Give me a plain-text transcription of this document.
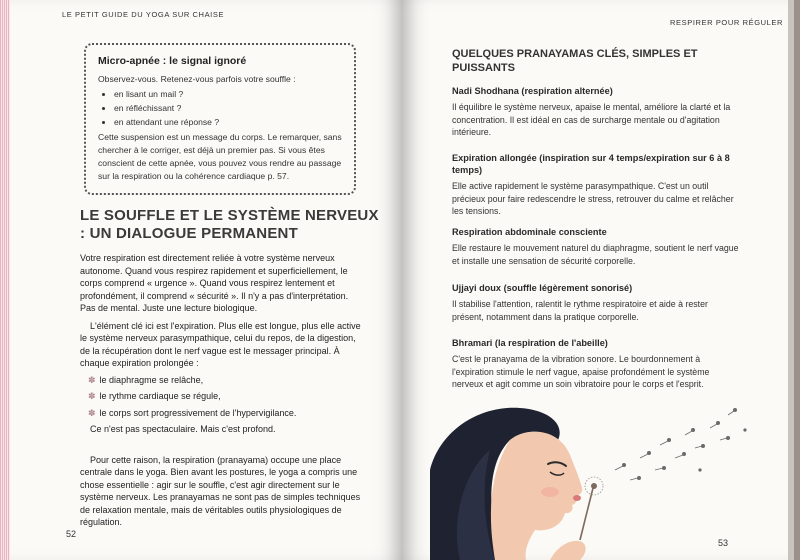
LE PETIT GUIDE DU YOGA SUR CHAISE
Micro-apnée : le signal ignoré

Observez-vous. Retenez-vous parfois votre souffle :

• en lisant un mail ?
• en réfléchissant ?
• en attendant une réponse ?

Cette suspension est un message du corps. Le remarquer, sans chercher à le corriger, est déjà un premier pas. Si vous êtes conscient de cette apnée, vous pouvez vous rendre au passage sur la respiration ou la cohérence cardiaque p. 57.

LE SOUFFLE ET LE SYSTÈME NERVEUX : UN DIALOGUE PERMANENT

Votre respiration est directement reliée à votre système nerveux autonome. Quand vous respirez rapidement et superficiellement, le corps comprend « urgence ». Quand vous respirez lentement et profondément, il comprend « sécurité ». Il n'y a pas d'interprétation. Pas de mental. Juste une lecture biologique.

L'élément clé ici est l'expiration. Plus elle est longue, plus elle active le système nerveux parasympathique, celui du repos, de la digestion, de la récupération dont le nerf vague est le messager principal. À chaque expiration prolongée :

✽ le diaphragme se relâche,
✽ le rythme cardiaque se régule,
✽ le corps sort progressivement de l'hypervigilance.

Ce n'est pas spectaculaire. Mais c'est profond.

Pour cette raison, la respiration (pranayama) occupe une place centrale dans le yoga. Bien avant les postures, le yoga a compris une chose essentielle : agir sur le souffle, c'est agir directement sur le système nerveux. Les pranayamas ne sont pas de simples techniques de relaxation mentale, mais de véritables outils physiologiques de régulation.

52
RESPIRER POUR RÉGULER
QUELQUES PRANAYAMAS CLÉS, SIMPLES ET PUISSANTS
Nadi Shodhana (respiration alternée)

Il équilibre le système nerveux, apaise le mental, améliore la clarté et la concentration. Il est idéal en cas de surcharge mentale ou d'agitation intérieure.

Expiration allongée (inspiration sur 4 temps/expiration sur 6 à 8 temps)

Elle active rapidement le système parasympathique. C'est un outil précieux pour faire redescendre le stress, retrouver du calme et relâcher les tensions.

Respiration abdominale consciente

Elle restaure le mouvement naturel du diaphragme, soutient le nerf vague et installe une sensation de sécurité corporelle.

Ujjayi doux (souffle légèrement sonorisé)

Il stabilise l'attention, ralentit le rythme respiratoire et aide à rester présent, notamment dans la pratique corporelle.

Bhramari (la respiration de l'abeille)

C'est le pranayama de la vibration sonore. Le bourdonnement à l'expiration stimule le nerf vague, apaise profondément le système nerveux et agit comme un soin vibratoire pour le corps et l'esprit.

53
